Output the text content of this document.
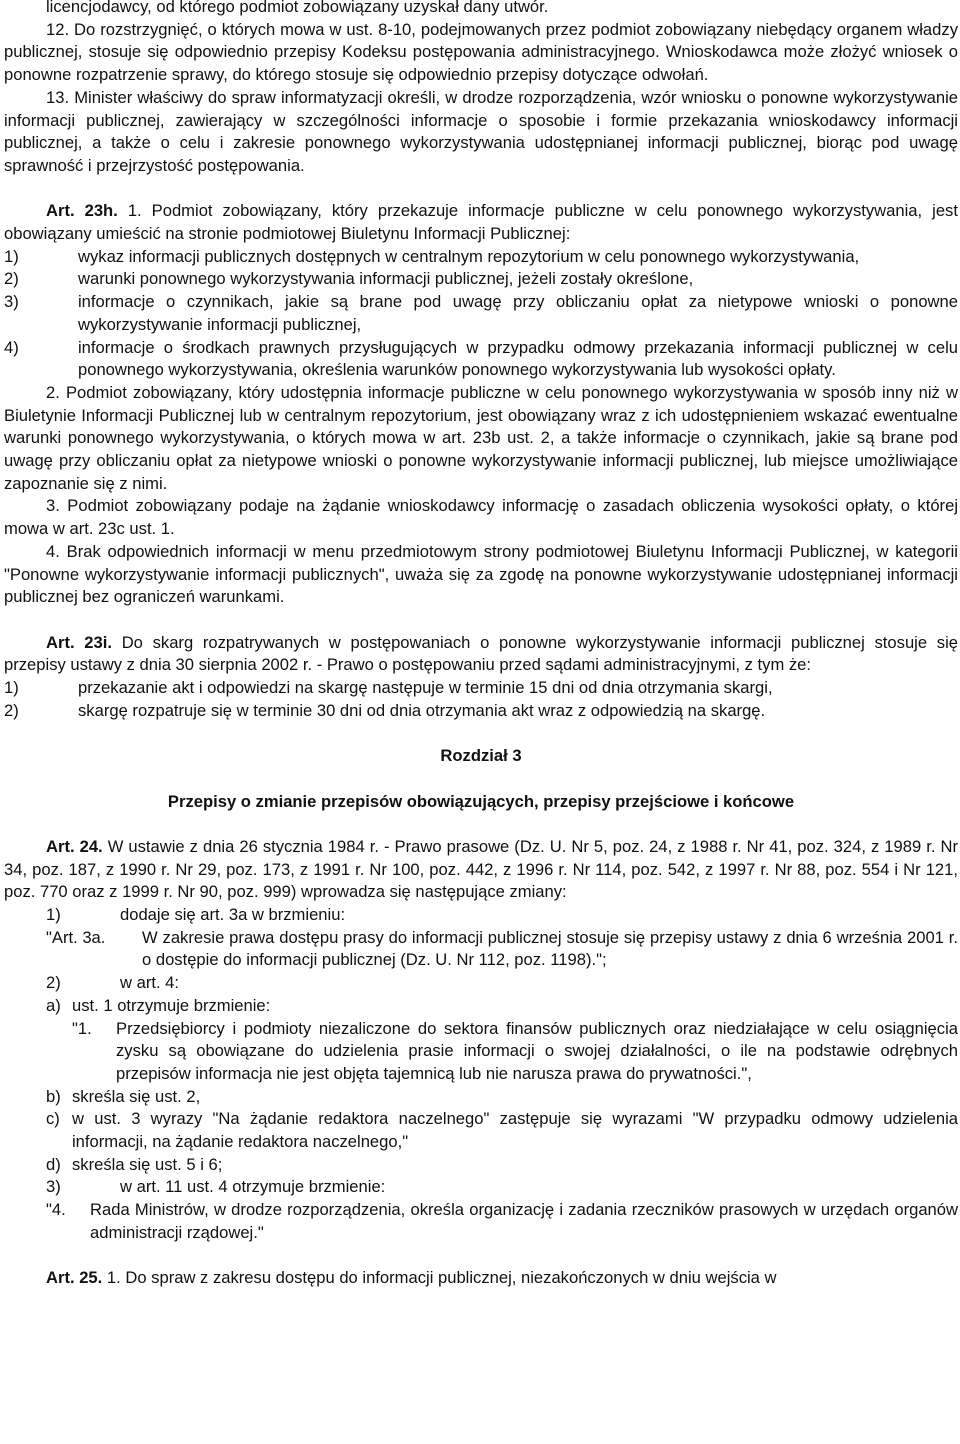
licencjodawcy, od którego podmiot zobowiązany uzyskał dany utwór.

12. Do rozstrzygnięć, o których mowa w ust. 8-10, podejmowanych przez podmiot zobowiązany niebędący organem władzy publicznej, stosuje się odpowiednio przepisy Kodeksu postępowania administracyjnego. Wnioskodawca może złożyć wniosek o ponowne rozpatrzenie sprawy, do którego stosuje się odpowiednio przepisy dotyczące odwołań.

13. Minister właściwy do spraw informatyzacji określi, w drodze rozporządzenia, wzór wniosku o ponowne wykorzystywanie informacji publicznej, zawierający w szczególności informacje o sposobie i formie przekazania wnioskodawcy informacji publicznej, a także o celu i zakresie ponownego wykorzystywania udostępnianej informacji publicznej, biorąc pod uwagę sprawność i przejrzystość postępowania.

Art. 23h. 1. Podmiot zobowiązany, który przekazuje informacje publiczne w celu ponownego wykorzystywania, jest obowiązany umieścić na stronie podmiotowej Biuletynu Informacji Publicznej:

1)	wykaz informacji publicznych dostępnych w centralnym repozytorium w celu ponownego wykorzystywania,
2)	warunki ponownego wykorzystywania informacji publicznej, jeżeli zostały określone,
3)	informacje o czynnikach, jakie są brane pod uwagę przy obliczaniu opłat za nietypowe wnioski o ponowne wykorzystywanie informacji publicznej,
4)	informacje o środkach prawnych przysługujących w przypadku odmowy przekazania informacji publicznej w celu ponownego wykorzystywania, określenia warunków ponownego wykorzystywania lub wysokości opłaty.

2. Podmiot zobowiązany, który udostępnia informacje publiczne w celu ponownego wykorzystywania w sposób inny niż w Biuletynie Informacji Publicznej lub w centralnym repozytorium, jest obowiązany wraz z ich udostępnieniem wskazać ewentualne warunki ponownego wykorzystywania, o których mowa w art. 23b ust. 2, a także informacje o czynnikach, jakie są brane pod uwagę przy obliczaniu opłat za nietypowe wnioski o ponowne wykorzystywanie informacji publicznej, lub miejsce umożliwiające zapoznanie się z nimi.

3. Podmiot zobowiązany podaje na żądanie wnioskodawcy informację o zasadach obliczenia wysokości opłaty, o której mowa w art. 23c ust. 1.

4. Brak odpowiednich informacji w menu przedmiotowym strony podmiotowej Biuletynu Informacji Publicznej, w kategorii "Ponowne wykorzystywanie informacji publicznych", uważa się za zgodę na ponowne wykorzystywanie udostępnianej informacji publicznej bez ograniczeń warunkami.

Art. 23i. Do skarg rozpatrywanych w postępowaniach o ponowne wykorzystywanie informacji publicznej stosuje się przepisy ustawy z dnia 30 sierpnia 2002 r. - Prawo o postępowaniu przed sądami administracyjnymi, z tym że:

1)	przekazanie akt i odpowiedzi na skargę następuje w terminie 15 dni od dnia otrzymania skargi,
2)	skargę rozpatruje się w terminie 30 dni od dnia otrzymania akt wraz z odpowiedzią na skargę.

Rozdział 3

Przepisy o zmianie przepisów obowiązujących, przepisy przejściowe i końcowe

Art. 24. W ustawie z dnia 26 stycznia 1984 r. - Prawo prasowe (Dz. U. Nr 5, poz. 24, z 1988 r. Nr 41, poz. 324, z 1989 r. Nr 34, poz. 187, z 1990 r. Nr 29, poz. 173, z 1991 r. Nr 100, poz. 442, z 1996 r. Nr 114, poz. 542, z 1997 r. Nr 88, poz. 554 i Nr 121, poz. 770 oraz z 1999 r. Nr 90, poz. 999) wprowadza się następujące zmiany:

1)	dodaje się art. 3a w brzmieniu:
"Art. 3a.	W zakresie prawa dostępu prasy do informacji publicznej stosuje się przepisy ustawy z dnia 6 września 2001 r. o dostępie do informacji publicznej (Dz. U. Nr 112, poz. 1198).";
2)	w art. 4:
a) ust. 1 otrzymuje brzmienie:
"1.	Przedsiębiorcy i podmioty niezaliczone do sektora finansów publicznych oraz niedziałające w celu osiągnięcia zysku są obowiązane do udzielenia prasie informacji o swojej działalności, o ile na podstawie odrębnych przepisów informacja nie jest objęta tajemnicą lub nie narusza prawa do prywatności.",
b) skreśla się ust. 2,
c) w ust. 3 wyrazy "Na żądanie redaktora naczelnego" zastępuje się wyrazami "W przypadku odmowy udzielenia informacji, na żądanie redaktora naczelnego,"
d) skreśla się ust. 5 i 6;
3)	w art. 11 ust. 4 otrzymuje brzmienie:
"4.	Rada Ministrów, w drodze rozporządzenia, określa organizację i zadania rzeczników prasowych w urzędach organów administracji rządowej."

Art. 25. 1. Do spraw z zakresu dostępu do informacji publicznej, niezakończonych w dniu wejścia w
